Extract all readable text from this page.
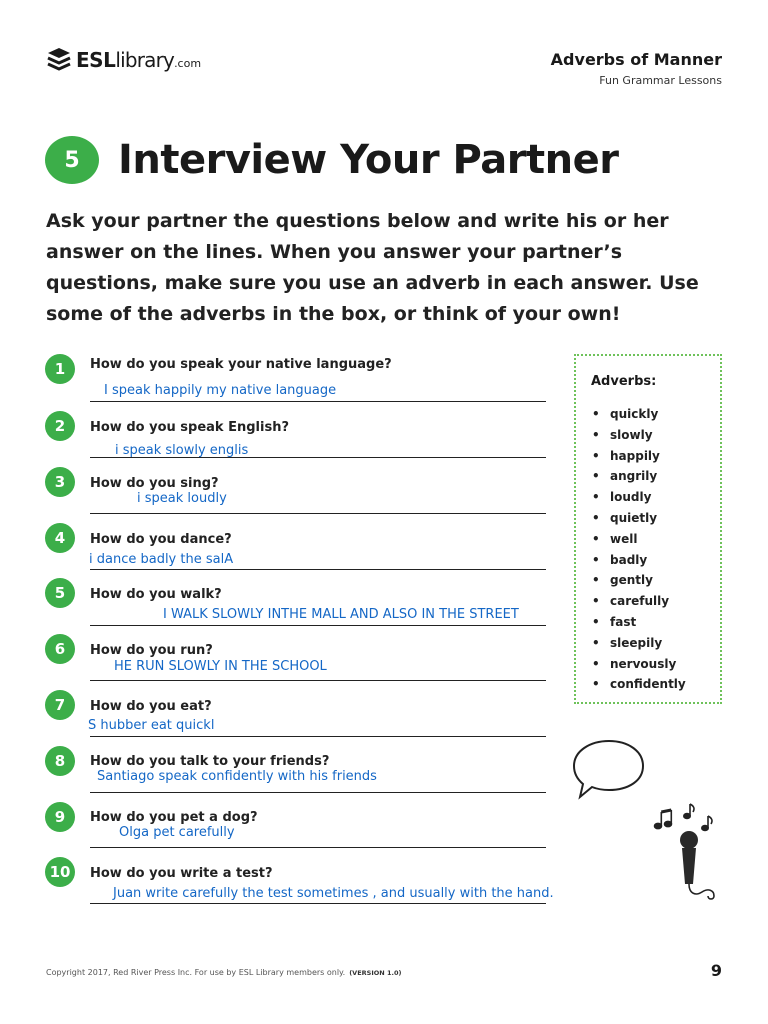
ESL library .com	Adverbs of Manner
Fun Grammar Lessons
5 Interview Your Partner
Ask your partner the questions below and write his or her answer on the lines. When you answer your partner’s questions, make sure you use an adverb in each answer. Use some of the adverbs in the box, or think of your own!
1	How do you speak your native language?
I speak happily my native language
2	How do you speak English?
i speak slowly englis
3	How do you sing?
i speak loudly
4	How do you dance?
i dance badly the salA
5	How do you walk?
I WALK SLOWLY INTHE MALL AND ALSO IN THE STREET
6	How do you run?
HE RUN SLOWLY IN THE SCHOOL
7	How do you eat?
S hubber eat quickl
8	How do you talk to your friends?
Santiago speak confidently with his friends
9	How do you pet a dog?
Olga pet carefully
10	How do you write a test?
Juan write carefully the test sometimes , and usually with the hand.
Adverbs:
• quickly
• slowly
• happily
• angrily
• loudly
• quietly
• well
• badly
• gently
• carefully
• fast
• sleepily
• nervously
• confidently
Copyright 2017, Red River Press Inc. For use by ESL Library members only. (VERSION 1.0)	9
